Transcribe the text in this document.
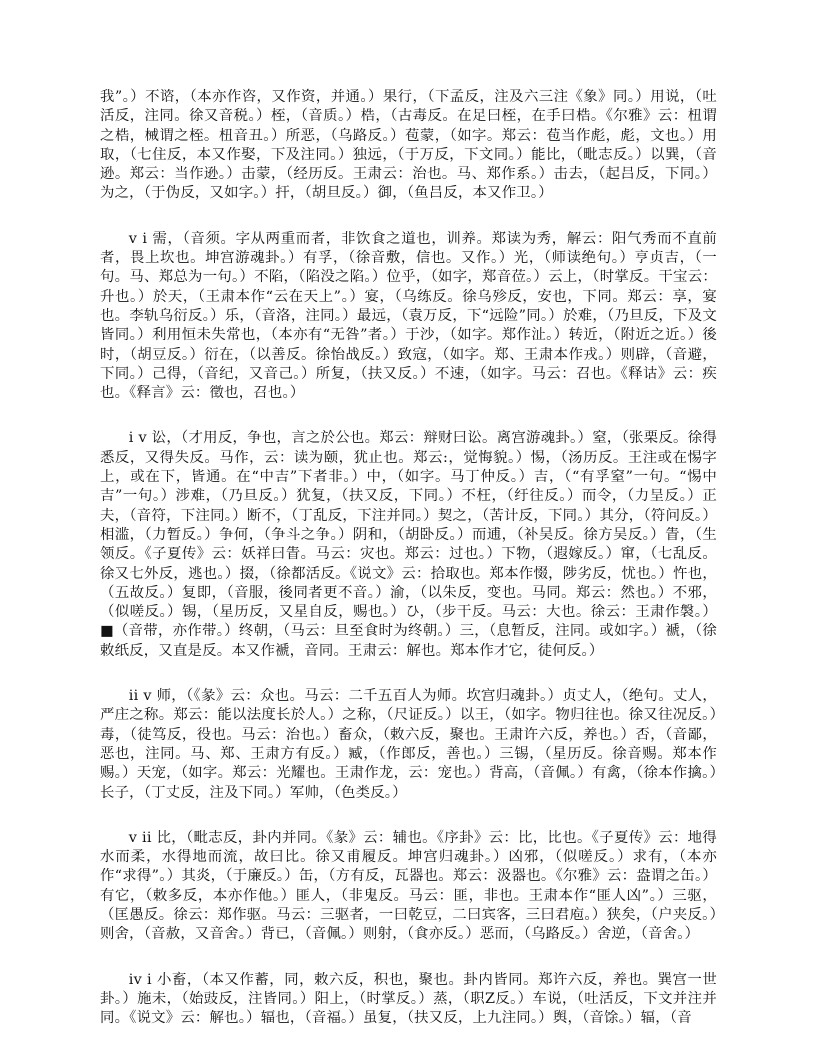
我”。）不谘，（本亦作咨，又作资，并通。）果行，（下孟反，注及六三注《象》同。）用说，（吐活反，注同。徐又音税。）桎，（音质。）梏，（古毒反。在足曰桎，在手曰梏。《尔雅》云：杻谓之梏，械谓之桎。杻音丑。）所恶，（乌路反。）苞蒙，（如字。郑云：苞当作彪，彪，文也。）用取，（七住反，本又作娶，下及注同。）独远，（于万反，下文同。）能比，（毗志反。）以巽，（音逊。郑云：当作逊。）击蒙，（经历反。王肃云：治也。马、郑作系。）击去，（起吕反，下同。）为之，（于伪反，又如字。）扞，（胡旦反。）御，（鱼吕反，本又作卫。）

v i 需，（音须。字从两重而者，非饮食之道也，训养。郑读为秀，解云：阳气秀而不直前者，畏上坎也。坤宫游魂卦。）有孚，（徐音敷，信也。又作。）光，（师读绝句。）亨贞吉，（一句。马、郑总为一句。）不陷，（陷没之陷。）位乎，（如字，郑音莅。）云上，（时掌反。干宝云：升也。）於天，（王肃本作“云在天上”。）宴，（乌练反。徐乌殄反，安也，下同。郑云：享，宴也。李轨乌衍反。）乐，（音洛，注同。）最远，（袁万反，下“远险”同。）於难，（乃旦反，下及文皆同。）利用恒未失常也，（本亦有“无咎”者。）于沙，（如字。郑作沚。）转近，（附近之近。）後时，（胡豆反。）衍在，（以善反。徐怡战反。）致寇，（如字。郑、王肃本作戎。）则辟，（音避，下同。）己得，（音纪，又音己。）所复，（扶又反。）不速，（如字。马云：召也。《释诂》云：疾也。《释言》云：徵也，召也。）

i v 讼，（才用反，争也，言之於公也。郑云：辩财曰讼。离宫游魂卦。）窒，（张栗反。徐得悉反，又得失反。马作，云：读为颐，犹止也。郑云:，觉悔貌。）惕，（汤历反。王注或在惕字上，或在下，皆通。在“中吉”下者非。）中，（如字。马丁仲反。）吉，（“有孚窒”一句。“惕中吉”一句。）涉难，（乃旦反。）犹复，（扶又反，下同。）不枉，（纡往反。）而令，（力呈反。）正夫，（音符，下注同。）断不，（丁乱反，下注并同。）契之，（苦计反，下同。）其分，（符问反。）相滥，（力暂反。）争何，（争斗之争。）阴和，（胡卧反。）而逋，（补吴反。徐方吴反。）眚，（生领反。《子夏传》云：妖祥曰眚。马云：灾也。郑云：过也。）下物，（遐嫁反。）窜，（七乱反。徐又七外反，逃也。）掇，（徐都活反。《说文》云：拾取也。郑本作惙，陟劣反，忧也。）忤也，（五故反。）复即，（音服，後同者更不音。）渝，（以朱反，变也。马同。郑云：然也。）不邪，（似嗟反。）锡，（星历反，又星自反，赐也。）ひ，（步干反。马云：大也。徐云：王肃作褩。）■（音带，亦作带。）终朝，（马云：旦至食时为终朝。）三，（息暂反，注同。或如字。）褫，（徐敕纸反，又直是反。本又作褫，音同。王肃云：解也。郑本作才它，徒何反。）

ii v 师，（《彖》云：众也。马云：二千五百人为师。坎宫归魂卦。）贞丈人，（绝句。丈人，严庄之称。郑云：能以法度长於人。）之称，（尺证反。）以王，（如字。物归往也。徐又往况反。）毒，（徒笃反，役也。马云：治也。）畜众，（敕六反，聚也。王肃许六反，养也。）否，（音鄙，恶也，注同。马、郑、王肃方有反。）臧，（作郎反，善也。）三锡，（星历反。徐音赐。郑本作赐。）天宠，（如字。郑云：光耀也。王肃作龙，云：宠也。）背高，（音佩。）有禽，（徐本作擒。）长子，（丁丈反，注及下同。）军帅，（色类反。）

v ii 比，（毗志反，卦内并同。《彖》云：辅也。《序卦》云：比，比也。《子夏传》云：地得水而柔，水得地而流，故曰比。徐又甫履反。坤宫归魂卦。）凶邪，（似嗟反。）求有，（本亦作“求得”。）其炎，（于廉反。）缶，（方有反，瓦器也。郑云：汲器也。《尔雅》云：盎谓之缶。）有它，（敕多反，本亦作他。）匪人，（非鬼反。马云：匪，非也。王肃本作“匪人凶”。）三驱，（匡愚反。徐云：郑作驱。马云：三驱者，一曰乾豆，二曰宾客，三曰君庖。）狭矣，（户夹反。）则舍，（音赦，又音舍。）背已，（音佩。）则射，（食亦反。）恶而，（乌路反。）舍逆，（音舍。）

iv i 小畜，（本又作蓄，同，敕六反，积也，聚也。卦内皆同。郑许六反，养也。巽宫一世卦。）施未，（始豉反，注皆同。）阳上，（时掌反。）蒸，（职Z反。）车说，（吐活反，下文并注并同。《说文》云：解也。）辐也，（音福。）虽复，（扶又反，上九注同。）舆，（音馀。）辐，（音
